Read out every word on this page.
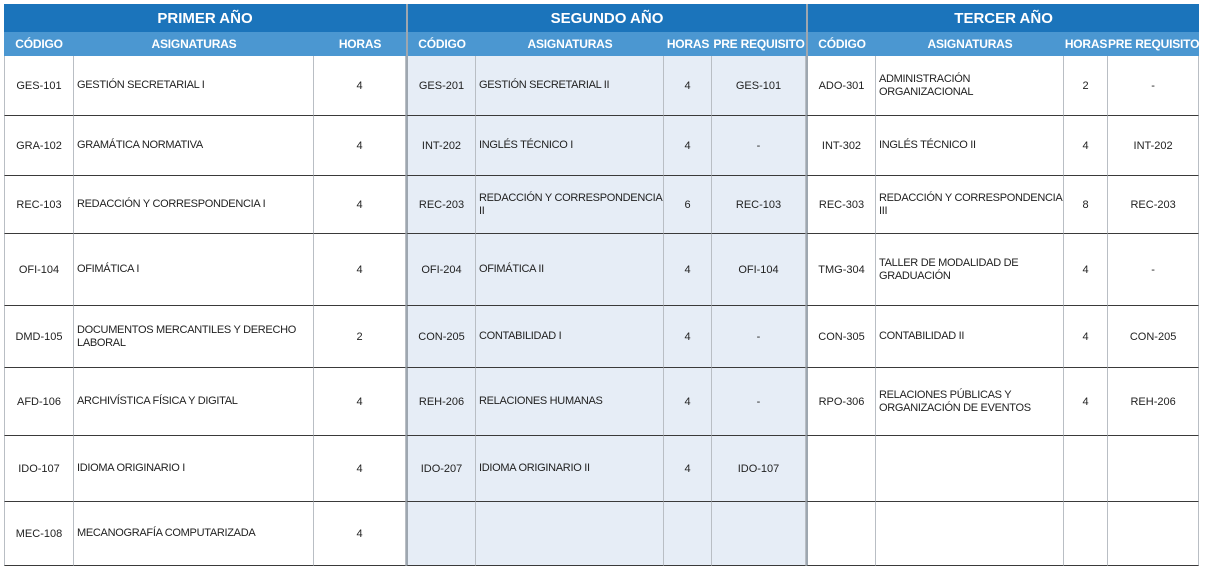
PRIMER AÑO			SEGUNDO AÑO				TERCER AÑO			
CÓDIGO	ASIGNATURAS	HORAS	CÓDIGO	ASIGNATURAS	HORAS	PRE REQUISITO	CÓDIGO	ASIGNATURAS	HORAS	PRE REQUISITO
GES-101	GESTIÓN SECRETARIAL I	4	GES-201	GESTIÓN SECRETARIAL II	4	GES-101	ADO-301	ADMINISTRACIÓN ORGANIZACIONAL	2	-
GRA-102	GRAMÁTICA NORMATIVA	4	INT-202	INGLÉS TÉCNICO I	4	-	INT-302	INGLÉS TÉCNICO II	4	INT-202
REC-103	REDACCIÓN Y CORRESPONDENCIA I	4	REC-203	REDACCIÓN Y CORRESPONDENCIA II	6	REC-103	REC-303	REDACCIÓN Y CORRESPONDENCIA III	8	REC-203
OFI-104	OFIMÁTICA I	4	OFI-204	OFIMÁTICA II	4	OFI-104	TMG-304	TALLER DE MODALIDAD DE GRADUACIÓN	4	-
DMD-105	DOCUMENTOS MERCANTILES Y DERECHO LABORAL	2	CON-205	CONTABILIDAD I	4	-	CON-305	CONTABILIDAD II	4	CON-205
AFD-106	ARCHIVÍSTICA FÍSICA Y DIGITAL	4	REH-206	RELACIONES HUMANAS	4	-	RPO-306	RELACIONES PÚBLICAS Y ORGANIZACIÓN DE EVENTOS	4	REH-206
IDO-107	IDIOMA ORIGINARIO I	4	IDO-207	IDIOMA ORIGINARIO II	4	IDO-107				
MEC-108	MECANOGRAFÍA COMPUTARIZADA	4								
